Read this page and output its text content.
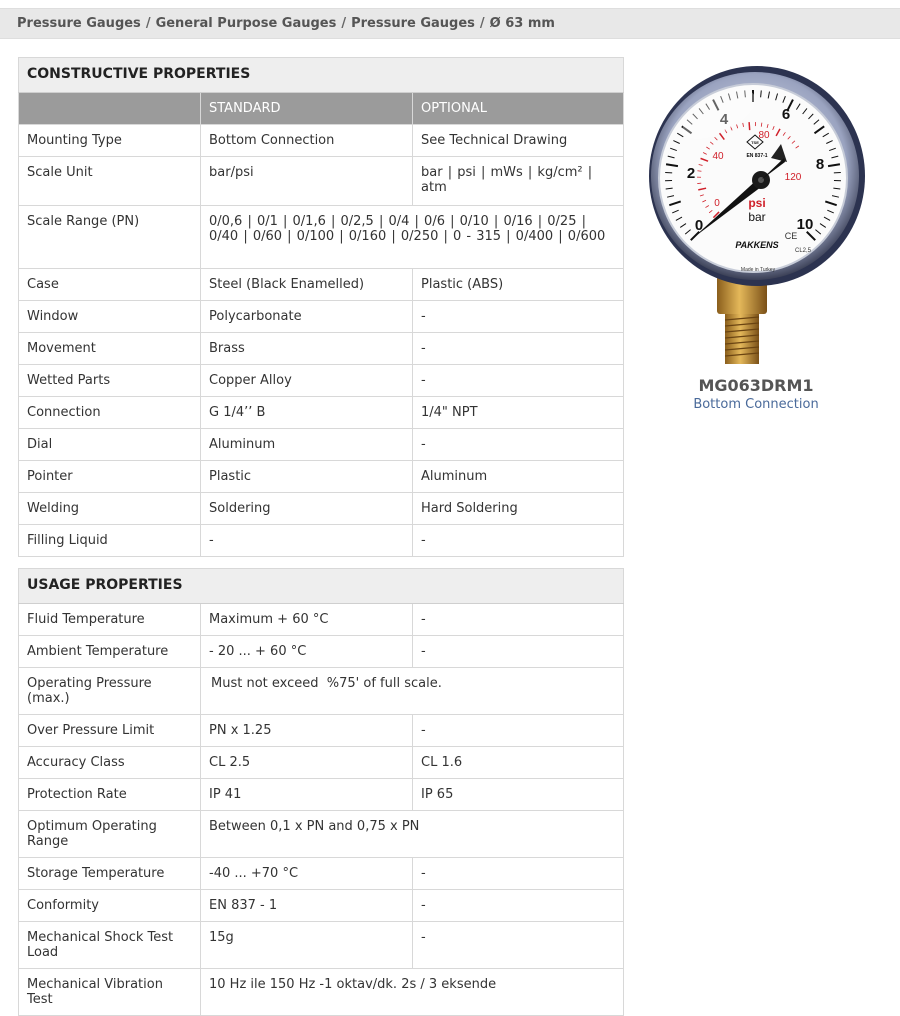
Pressure Gauges / General Purpose Gauges / Pressure Gauges / Ø 63 mm
CONSTRUCTIVE PROPERTIES		
	STANDARD	OPTIONAL
Mounting Type	Bottom Connection	See Technical Drawing
Scale Unit	bar/psi	bar | psi | mWs | kg/cm² | atm
Scale Range (PN)	0/0,6 | 0/1 | 0/1,6 | 0/2,5 | 0/4 | 0/6 | 0/10 | 0/16 | 0/25 | 0/40 | 0/60 | 0/100 | 0/160 | 0/250 | 0 - 315 | 0/400 | 0/600	
Case	Steel (Black Enamelled)	Plastic (ABS)
Window	Polycarbonate	-
Movement	Brass	-
Wetted Parts	Copper Alloy	-
Connection	G 1/4’’ B	1/4" NPT
Dial	Aluminum	-
Pointer	Plastic	Aluminum
Welding	Soldering	Hard Soldering
Filling Liquid	-	-
USAGE PROPERTIES		
Fluid Temperature	Maximum + 60 °C	-
Ambient Temperature	- 20 ... + 60 °C	-
Operating Pressure (max.)	Must not exceed  %75' of full scale.	
Over Pressure Limit	PN x 1.25	-
Accuracy Class	CL 2.5	CL 1.6
Protection Rate	IP 41	IP 65
Optimum Operating Range	Between 0,1 x PN and 0,75 x PN	
Storage Temperature	-40 ... +70 °C	-
Conformity	EN 837 - 1	-
Mechanical Shock Test Load	15g	-
Mechanical Vibration Test	10 Hz ile 150 Hz -1 oktav/dk. 2s / 3 eksende	
0
2
4	6
8
10
0
40
80
120
psi
bar
PAKKENS
Made in Turkey
CL2,5
CE
TSE
EN 837-1
MG063DRM1
Bottom Connection
